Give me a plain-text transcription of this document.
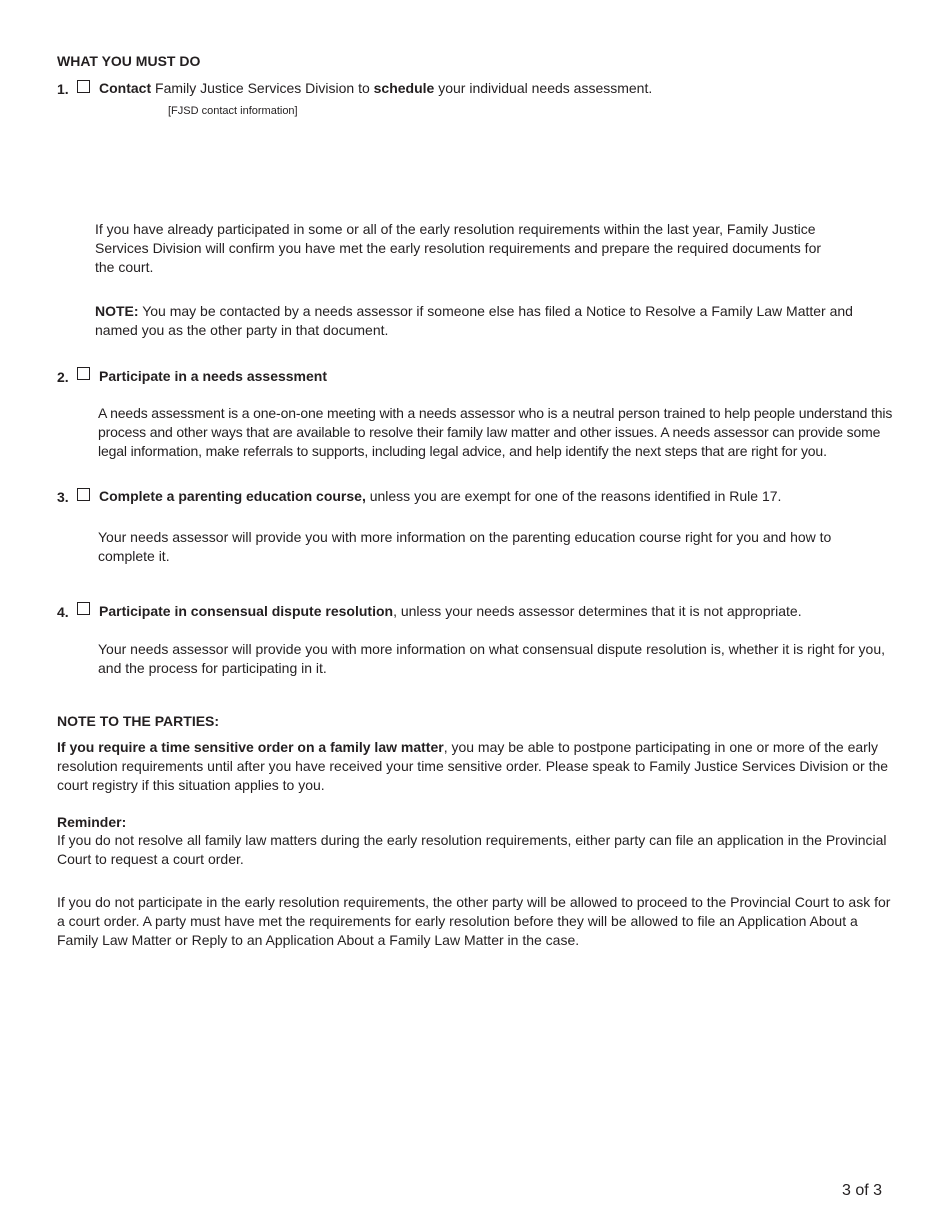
WHAT YOU MUST DO
1. Contact Family Justice Services Division to schedule your individual needs assessment.
[FJSD contact information]

If you have already participated in some or all of the early resolution requirements within the last year, Family Justice Services Division will confirm you have met the early resolution requirements and prepare the required documents for the court.

NOTE: You may be contacted by a needs assessor if someone else has filed a Notice to Resolve a Family Law Matter and named you as the other party in that document.

2. Participate in a needs assessment

A needs assessment is a one-on-one meeting with a needs assessor who is a neutral person trained to help people understand this process and other ways that are available to resolve their family law matter and other issues. A needs assessor can provide some legal information, make referrals to supports, including legal advice, and help identify the next steps that are right for you.

3. Complete a parenting education course, unless you are exempt for one of the reasons identified in Rule 17.

Your needs assessor will provide you with more information on the parenting education course right for you and how to complete it.

4. Participate in consensual dispute resolution, unless your needs assessor determines that it is not appropriate.

Your needs assessor will provide you with more information on what consensual dispute resolution is, whether it is right for you, and the process for participating in it.

NOTE TO THE PARTIES:

If you require a time sensitive order on a family law matter, you may be able to postpone participating in one or more of the early resolution requirements until after you have received your time sensitive order. Please speak to Family Justice Services Division or the court registry if this situation applies to you.

Reminder:

If you do not resolve all family law matters during the early resolution requirements, either party can file an application in the Provincial Court to request a court order.

If you do not participate in the early resolution requirements, the other party will be allowed to proceed to the Provincial Court to ask for a court order. A party must have met the requirements for early resolution before they will be allowed to file an Application About a Family Law Matter or Reply to an Application About a Family Law Matter in the case.

3 of 3
